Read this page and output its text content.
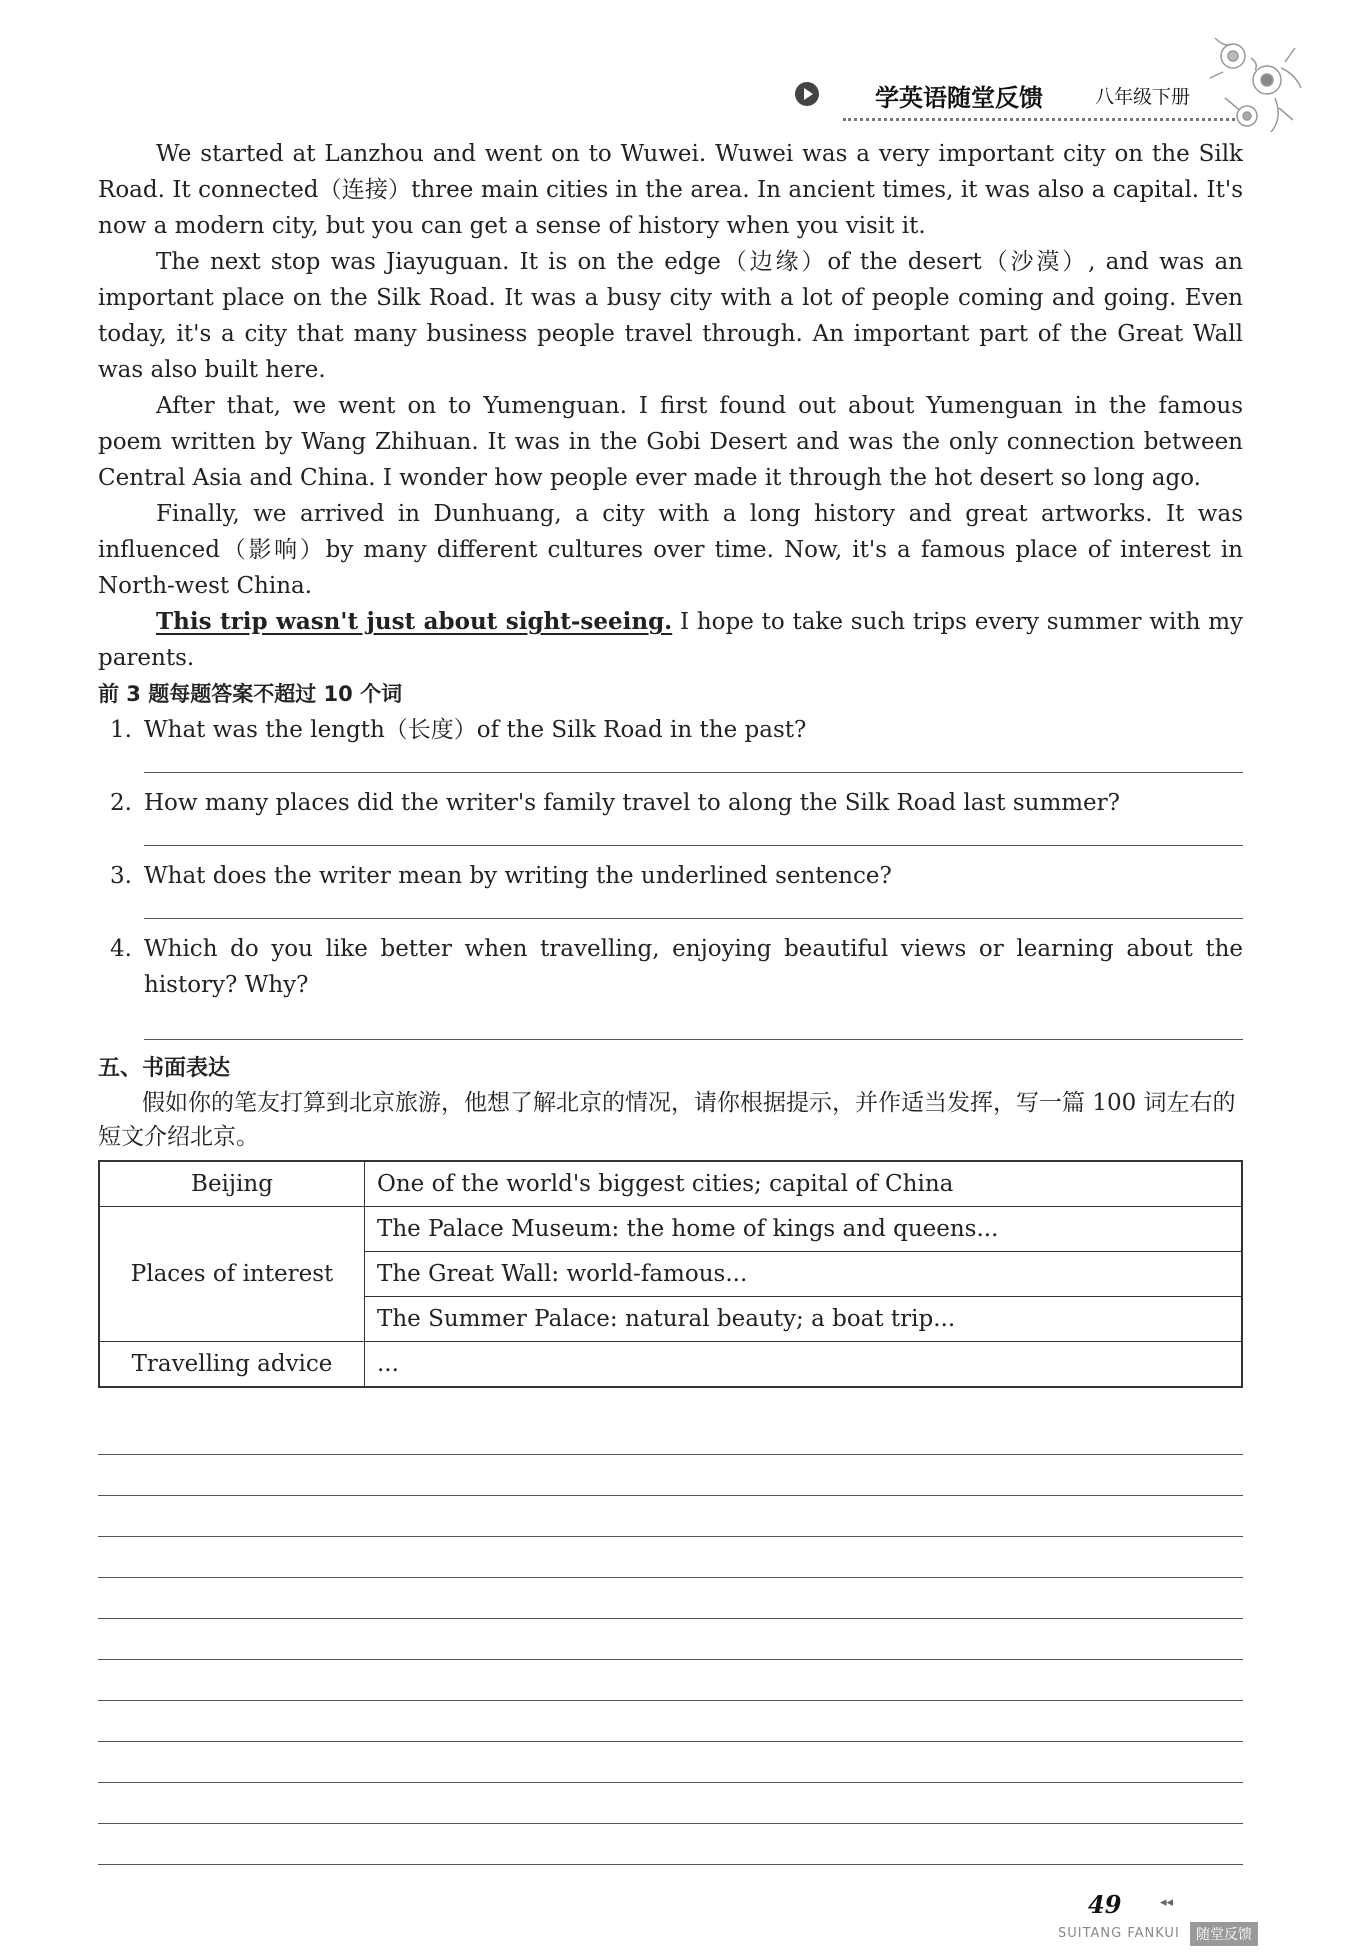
学英语随堂反馈	八年级下册

We started at Lanzhou and went on to Wuwei. Wuwei was a very important city on the Silk Road. It connected（连接）three main cities in the area. In ancient times, it was also a capital. It's now a modern city, but you can get a sense of history when you visit it.

The next stop was Jiayuguan. It is on the edge（边缘）of the desert（沙漠）, and was an important place on the Silk Road. It was a busy city with a lot of people coming and going. Even today, it's a city that many business people travel through. An important part of the Great Wall was also built here.

After that, we went on to Yumenguan. I first found out about Yumenguan in the famous poem written by Wang Zhihuan. It was in the Gobi Desert and was the only connection between Central Asia and China. I wonder how people ever made it through the hot desert so long ago.

Finally, we arrived in Dunhuang, a city with a long history and great artworks. It was influenced（影响）by many different cultures over time. Now, it's a famous place of interest in North-west China.

This trip wasn't just about sight-seeing. I hope to take such trips every summer with my parents.

前 3 题每题答案不超过 10 个词
1. What was the length（长度）of the Silk Road in the past?
2. How many places did the writer's family travel to along the Silk Road last summer?
3. What does the writer mean by writing the underlined sentence?
4. Which do you like better when travelling, enjoying beautiful views or learning about the history? Why?
五、书面表达

假如你的笔友打算到北京旅游，他想了解北京的情况，请你根据提示，并作适当发挥，写一篇 100 词左右的短文介绍北京。

Beijing	One of the world's biggest cities; capital of China
Places of interest	The Palace Museum: the home of kings and queens...
	The Great Wall: world-famous...
	The Summer Palace: natural beauty; a boat trip...
Travelling advice	...
49	◂◂
SUITANG FANKUI	随堂反馈
